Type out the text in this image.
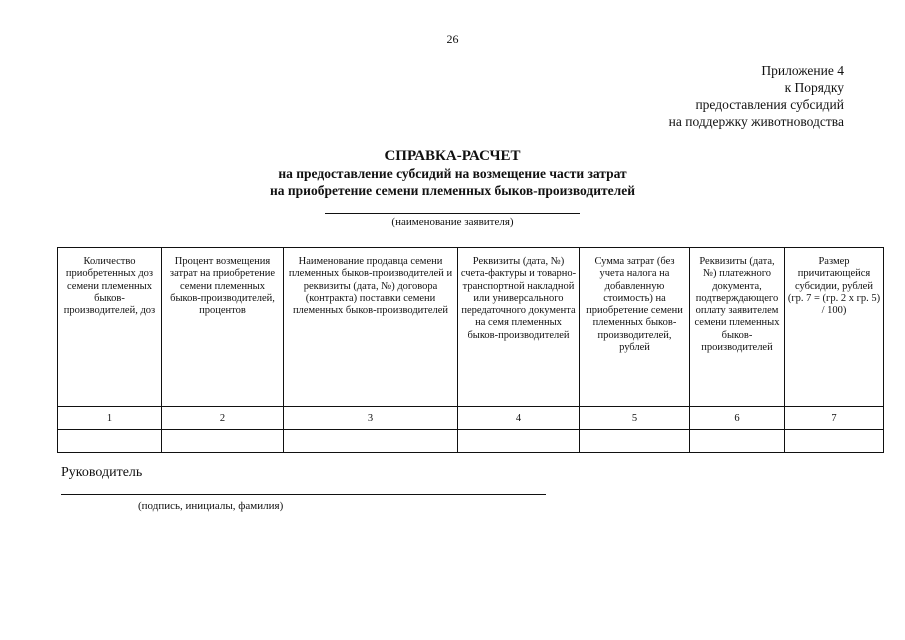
26
Приложение 4
к Порядку
предоставления субсидий
на поддержку животноводства
СПРАВКА-РАСЧЕТ
на предоставление субсидий на возмещение части затрат
на приобретение семени племенных быков-производителей
(наименование заявителя)
Количество приобретенных доз семени племенных быков-производителей, доз	Процент возмещения затрат на приобретение семени племенных быков-производителей, процентов	Наименование продавца семени племенных быков-производителей и реквизиты (дата, №) договора (контракта) поставки семени племенных быков-производителей	Реквизиты (дата, №) счета-фактуры и товарно-транспортной накладной или универсального передаточного документа на семя племенных быков-производителей	Сумма затрат (без учета налога на добавленную стоимость) на приобретение семени племенных быков-производителей, рублей	Реквизиты (дата, №) платежного документа, подтверждающего оплату заявителем семени племенных быков-производителей	Размер причитающейся субсидии, рублей (гр. 7 = (гр. 2 x гр. 5) / 100)
1	2	3	4	5	6	7

Руководитель
(подпись, инициалы, фамилия)
